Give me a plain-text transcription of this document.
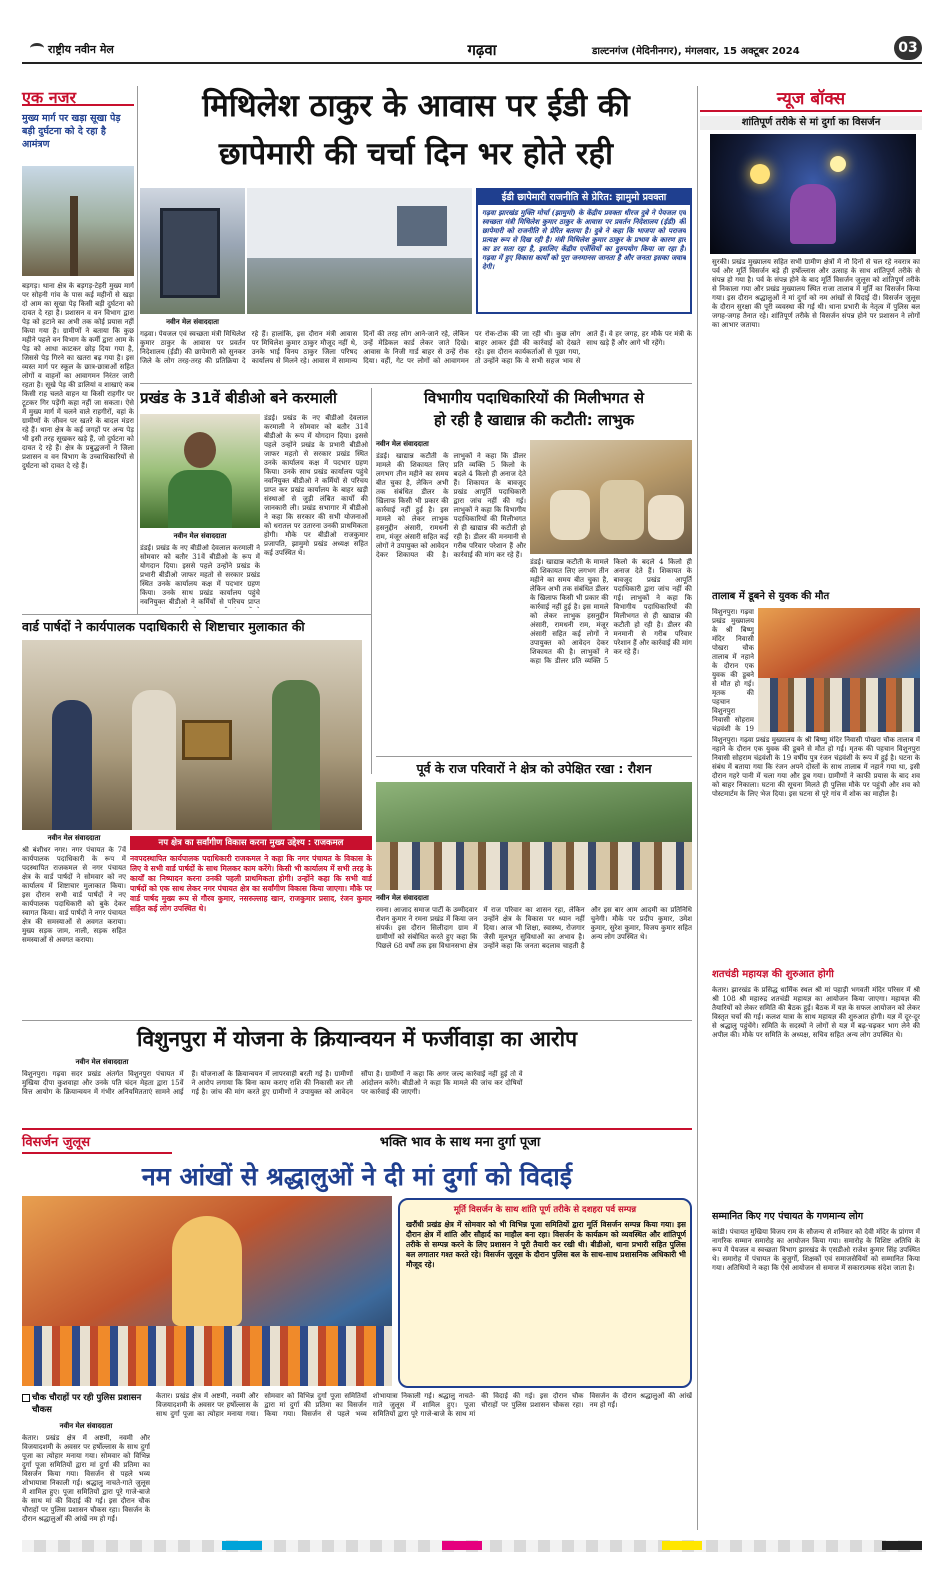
राष्ट्रीय नवीन मेल	गढ़वा	डाल्टनगंज (मेदिनीनगर), मंगलवार, 15 अक्टूबर 2024	03
एक नजर
मुख्य मार्ग पर खड़ा सूखा पेड़ बड़ी दुर्घटना को दे रहा है आमंत्रण
बड़गड़। थाना क्षेत्र के बड़गड़-टेहरी मुख्य मार्ग पर सोहनी गांव के पास कई महीनों से खड़ा दो आम का सूखा पेड़ किसी बड़ी दुर्घटना को दावत दे रहा है। प्रशासन व वन विभाग द्वारा पेड़ को हटाने का अभी तक कोई प्रयास नहीं किया गया है। ग्रामीणों ने बताया कि कुछ महीने पहले वन विभाग के कर्मी द्वारा आम के पेड़ को आधा काटकर छोड़ दिया गया है, जिससे पेड़ गिरने का खतरा बढ़ गया है। इस व्यस्त मार्ग पर स्कूल के छात्र-छात्राओं सहित लोगों व वाहनों का आवागमन निरंतर जारी रहता है। सूखे पेड़ की डालियां व शाखाएं कब किसी राह चलते वाहन या किसी राहगीर पर टूटकर गिर पड़ेंगी कहा नहीं जा सकता। ऐसे में मुख्य मार्ग में चलने वाले राहगीरों, वहां के ग्रामीणों के जीवन पर खतरे के बादल मंडरा रहे हैं। थाना क्षेत्र के कई जगहों पर अन्य पेड़ भी इसी तरह सूखकर खड़े हैं, जो दुर्घटना को दावत दे रहे हैं। क्षेत्र के प्रबुद्धजनों ने जिला प्रशासन व वन विभाग के उच्चाधिकारियों से दुर्घटना को दावत दे रहे हैं।
मिथिलेश ठाकुर के आवास पर ईडी की
छापेमारी की चर्चा दिन भर होते रही
ईडी छापेमारी राजनीति से प्रेरित: झामुमो प्रवक्ता
गढ़वा झारखंड मुक्ति मोर्चा (झामुमो) के केंद्रीय प्रवक्ता धीरज दुबे ने पेयजल एवं स्वच्छता मंत्री मिथिलेश कुमार ठाकुर के आवास पर प्रवर्तन निदेशालय (ईडी) की छापेमारी को राजनीति से प्रेरित बताया है। दुबे ने कहा कि भाजपा को पराजय प्रत्यक्ष रूप से दिख रही है। मंत्री मिथिलेश कुमार ठाकुर के प्रभाव के कारण हार का डर सता रहा है, इसलिए केंद्रीय एजेंसियों का दुरुपयोग किया जा रहा है। गढ़वा में हुए विकास कार्यों को पूरा जनमानस जानता है और जनता इसका जवाब देगी।
नवीन मेल संवाददाता
गढ़वा। पेयजल एवं स्वच्छता मंत्री मिथिलेश कुमार ठाकुर के आवास पर प्रवर्तन निदेशालय (ईडी) की छापेमारी को सुनकर जिले के लोग तरह-तरह की प्रतिक्रिया दे रहे हैं। हालांकि, इस दौरान मंत्री आवास पर मिथिलेश कुमार ठाकुर मौजूद नहीं थे, उनके भाई विनय ठाकुर जिला परिषद कार्यालय से मिलने रहे। आवास में सामान्य दिनों की तरह लोग आने-जाने रहे, लेकिन उन्हें मेडिकल कार्ड लेकर जाते दिखे। आवास के निजी गार्ड बाहर से उन्हें रोक दिया। वहीं, गेट पर लोगों को आवागमन पर रोक-टोक की जा रही थी। कुछ लोग बाहर आकर ईडी की कार्रवाई को देखते रहे। इस दौरान कार्यकर्ताओं से पूछा गया, तो उन्होंने कहा कि वे सभी सहज भाव से आते हैं। वे हर जगह, हर मौके पर मंत्री के साथ खड़े हैं और आगे भी रहेंगे।
प्रखंड के 31वें बीडीओ बने करमाली
नवीन मेल संवाददाता
डंडई। प्रखंड के नए बीडीओ देवलाल करमाली ने सोमवार को बतौर 31वें बीडीओ के रूप में योगदान दिया। इससे पहले उन्होंने प्रखंड के प्रभारी बीडीओ जाफर महतो से सरकार प्रखंड स्थित उनके कार्यालय कक्ष में पदभार ग्रहण किया। उनके साथ प्रखंड कार्यालय पहुंचे नवनियुक्त बीडीओ ने कर्मियों से परिचय प्राप्त
डंडई। प्रखंड के नए बीडीओ देवलाल करमाली ने सोमवार को बतौर 31वें बीडीओ के रूप में योगदान दिया। इससे पहले उन्होंने प्रखंड के प्रभारी बीडीओ जाफर महतो से सरकार प्रखंड स्थित उनके कार्यालय कक्ष में पदभार ग्रहण किया। उनके साथ प्रखंड कार्यालय पहुंचे नवनियुक्त बीडीओ ने कर्मियों से परिचय प्राप्त कर प्रखंड कार्यालय के बाहर खड़ी संस्थाओं से जुड़ी लंबित कार्यों की जानकारी ली। प्रखंड सभागार में बीडीओ ने कहा कि सरकार की सभी योजनाओं को धरातल पर उतारना उनकी प्राथमिकता होगी। मौके पर बीडीओ राजकुमार प्रजापति, झामुमो प्रखंड अध्यक्ष सहित कई उपस्थित थे।
विभागीय पदाधिकारियों की मिलीभगत से
हो रही है खाद्यान्न की कटौती: लाभुक
नवीन मेल संवाददाता
डंडई। खाद्यान्न कटौती के मामले की शिकायत लिए लगभग तीन महीने का समय बीत चुका है, लेकिन अभी तक संबंधित डीलर के खिलाफ किसी भी प्रकार की कार्रवाई नहीं हुई है। इस मामले को लेकर लाभुक हसनुद्दीन अंसारी, रामधनी राम, मंजूर अंसारी सहित कई लोगों ने उपायुक्त को आवेदन देकर शिकायत की है। लाभुकों ने कहा कि डीलर प्रति व्यक्ति 5 किलो के बदले 4 किलो ही अनाज देते हैं। शिकायत के बावजूद प्रखंड आपूर्ति पदाधिकारी द्वारा जांच नहीं की गई। लाभुकों ने कहा कि विभागीय पदाधिकारियों की मिलीभगत से ही खाद्यान्न की कटौती हो रही है। डीलर की मनमानी से गरीब परिवार परेशान हैं और कार्रवाई की मांग कर रहे हैं।
डंडई। खाद्यान्न कटौती के मामले की शिकायत लिए लगभग तीन महीने का समय बीत चुका है, लेकिन अभी तक संबंधित डीलर के खिलाफ किसी भी प्रकार की कार्रवाई नहीं हुई है। इस मामले को लेकर लाभुक हसनुद्दीन अंसारी, रामधनी राम, मंजूर अंसारी सहित कई लोगों ने उपायुक्त को आवेदन देकर शिकायत की है। लाभुकों ने कहा कि डीलर प्रति व्यक्ति 5 किलो के बदले 4 किलो ही अनाज देते हैं। शिकायत के बावजूद प्रखंड आपूर्ति पदाधिकारी द्वारा जांच नहीं की गई। लाभुकों ने कहा कि विभागीय पदाधिकारियों की मिलीभगत से ही खाद्यान्न की कटौती हो रही है। डीलर की मनमानी से गरीब परिवार परेशान हैं और कार्रवाई की मांग कर रहे हैं।
वार्ड पार्षदों ने कार्यपालक पदाधिकारी से शिष्टाचार मुलाकात की
नवीन मेल संवाददाता
श्री बंशीधर नगर। नगर पंचायत के 7वें कार्यपालक पदाधिकारी के रूप में पदस्थापित राजकमल से नगर पंचायत क्षेत्र के वार्ड पार्षदों ने सोमवार को नए कार्यालय में शिष्टाचार मुलाकात किया। इस दौरान सभी वार्ड पार्षदों ने नए कार्यपालक पदाधिकारी को बुके देकर स्वागत किया। वार्ड पार्षदों ने नगर पंचायत क्षेत्र की समस्याओं से अवगत कराया। मुख्य सड़क जाम, नाली, सड़क सहित समस्याओं से अवगत कराया।
नप क्षेत्र का सर्वांगीण विकास करना मुख्य उद्देश्य : राजकमल
नवपदस्थापित कार्यपालक पदाधिकारी राजकमल ने कहा कि नगर पंचायत के विकास के लिए वे सभी वार्ड पार्षदों के साथ मिलकर काम करेंगे। किसी भी कार्यालय में सभी तरह के कार्यों का निष्पादन करना उनकी पहली प्राथमिकता होगी। उन्होंने कहा कि सभी वार्ड पार्षदों को एक साथ लेकर नगर पंचायत क्षेत्र का सर्वांगीण विकास किया जाएगा। मौके पर वार्ड पार्षद मुख्य रूप से गौरव कुमार, नसरुल्लाह खान, राजकुमार प्रसाद, रंजन कुमार सहित कई लोग उपस्थित थे।
पूर्व के राज परिवारों ने क्षेत्र को उपेक्षित रखा : रौशन
नवीन मेल संवाददाता
रमना। आजाद समाज पार्टी के उम्मीदवार रौशन कुमार ने रमना प्रखंड में किया जन संपर्क। इस दौरान सिलीदाग ग्राम में ग्रामीणों को संबोधित करते हुए कहा कि पिछले 68 वर्षों तक इस विधानसभा क्षेत्र में राज परिवार का शासन रहा, लेकिन उन्होंने क्षेत्र के विकास पर ध्यान नहीं दिया। आज भी शिक्षा, स्वास्थ्य, रोजगार जैसी मूलभूत सुविधाओं का अभाव है। उन्होंने कहा कि जनता बदलाव चाहती है और इस बार आम आदमी का प्रतिनिधि चुनेगी। मौके पर प्रदीप कुमार, उमेश कुमार, सुरेश कुमार, विजय कुमार सहित अन्य लोग उपस्थित थे।
विशुनपुरा में योजना के क्रियान्वयन में फर्जीवाड़ा का आरोप
नवीन मेल संवाददाता
विशुनपुरा। गढ़वा सदर प्रखंड अंतर्गत विशुनपुरा पंचायत में मुखिया दीपा कुशवाहा और उनके पति चंदन मेहता द्वारा 15वें वित्त आयोग के क्रियान्वयन में गंभीर अनियमितताएं सामने आई हैं। योजनाओं के क्रियान्वयन में लापरवाही बरती गई है। ग्रामीणों ने आरोप लगाया कि बिना काम कराए राशि की निकासी कर ली गई है। जांच की मांग करते हुए ग्रामीणों ने उपायुक्त को आवेदन सौंपा है। ग्रामीणों ने कहा कि अगर जल्द कार्रवाई नहीं हुई तो वे आंदोलन करेंगे। बीडीओ ने कहा कि मामले की जांच कर दोषियों पर कार्रवाई की जाएगी।
विसर्जन जुलूस	भक्ति भाव के साथ मना दुर्गा पूजा
नम आंखों से श्रद्धालुओं ने दी मां दुर्गा को विदाई
मूर्ति विसर्जन के साथ शांति पूर्ण तरीके से दशहरा पर्व सम्पन्न
खरौंधी प्रखंड क्षेत्र में सोमवार को भी विभिन्न पूजा समितियों द्वारा मूर्ति विसर्जन सम्पन्न किया गया। इस दौरान क्षेत्र में शांति और सौहार्द का माहौल बना रहा। विसर्जन के कार्यक्रम को व्यवस्थित और शांतिपूर्ण तरीके से सम्पन्न करने के लिए प्रशासन ने पूरी तैयारी कर रखी थी। बीडीओ, थाना प्रभारी सहित पुलिस बल लगातार गश्त करते रहे। विसर्जन जुलूस के दौरान पुलिस बल के साथ-साथ प्रशासनिक अधिकारी भी मौजूद रहे।
चौक चौराहों पर रही पुलिस प्रशासन चौकस
नवीन मेल संवाददाता
केतार। प्रखंड क्षेत्र में अष्टमी, नवमी और विजयादशमी के अवसर पर हर्षोल्लास के साथ दुर्गा पूजा का त्योहार मनाया गया। सोमवार को विभिन्न दुर्गा पूजा समितियों द्वारा मां दुर्गा की प्रतिमा का विसर्जन किया गया। विसर्जन से पहले भव्य शोभायात्रा निकाली गई। श्रद्धालु नाचते-गाते जुलूस में शामिल हुए। पूजा समितियों द्वारा पूरे गाजे-बाजे के साथ मां की विदाई की गई। इस दौरान चौक चौराहों पर पुलिस प्रशासन चौकस रहा। विसर्जन के दौरान श्रद्धालुओं की आंखें नम हो गईं।
केतार। प्रखंड क्षेत्र में अष्टमी, नवमी और विजयादशमी के अवसर पर हर्षोल्लास के साथ दुर्गा पूजा का त्योहार मनाया गया। सोमवार को विभिन्न दुर्गा पूजा समितियों द्वारा मां दुर्गा की प्रतिमा का विसर्जन किया गया। विसर्जन से पहले भव्य शोभायात्रा निकाली गई। श्रद्धालु नाचते-गाते जुलूस में शामिल हुए। पूजा समितियों द्वारा पूरे गाजे-बाजे के साथ मां की विदाई की गई। इस दौरान चौक चौराहों पर पुलिस प्रशासन चौकस रहा। विसर्जन के दौरान श्रद्धालुओं की आंखें नम हो गईं।
न्यूज बॉक्स
शांतिपूर्ण तरीके से मां दुर्गा का विसर्जन
सुरकी। प्रखंड मुख्यालय सहित सभी ग्रामीण क्षेत्रों में नौ दिनों से चल रहे नवरात्र का पर्व और मूर्ति विसर्जन बड़े ही हर्षोल्लास और उत्साह के साथ शांतिपूर्ण तरीके से संपन्न हो गया है। पर्व के संपन्न होने के बाद मूर्ति विसर्जन जुलूस को शांतिपूर्ण तरीके से निकाला गया और प्रखंड मुख्यालय स्थित राजा तालाब में मूर्ति का विसर्जन किया गया। इस दौरान श्रद्धालुओं ने मां दुर्गा को नम आंखों से विदाई दी। विसर्जन जुलूस के दौरान सुरक्षा की पूरी व्यवस्था की गई थी। थाना प्रभारी के नेतृत्व में पुलिस बल जगह-जगह तैनात रहे। शांतिपूर्ण तरीके से विसर्जन संपन्न होने पर प्रशासन ने लोगों का आभार जताया।
तालाब में डूबने से युवक की मौत
विशुनपुरा। गढ़वा प्रखंड मुख्यालय के श्री बिष्णु मंदिर निवासी पोखरा चौक तालाब में नहाने के दौरान एक युवक की डूबने से मौत हो गई। मृतक की पहचान विशुनपुरा निवासी सोहराम चंद्रवंशी के 19
विशुनपुरा। गढ़वा प्रखंड मुख्यालय के श्री बिष्णु मंदिर निवासी पोखरा चौक तालाब में नहाने के दौरान एक युवक की डूबने से मौत हो गई। मृतक की पहचान विशुनपुरा निवासी सोहराम चंद्रवंशी के 19 वर्षीय पुत्र रंजन चंद्रवंशी के रूप में हुई है। घटना के संबंध में बताया गया कि रंजन अपने दोस्तों के साथ तालाब में नहाने गया था, इसी दौरान गहरे पानी में चला गया और डूब गया। ग्रामीणों ने काफी प्रयास के बाद शव को बाहर निकाला। घटना की सूचना मिलते ही पुलिस मौके पर पहुंची और शव को पोस्टमार्टम के लिए भेज दिया। इस घटना से पूरे गांव में शोक का माहौल है।
शतचंडी महायज्ञ की शुरुआत होगी
केतार। झारखंड के प्रसिद्ध धार्मिक स्थल श्री मां पहाड़ी भगवती मंदिर परिसर में श्री श्री 108 श्री महारुद्र शतचंडी महायज्ञ का आयोजन किया जाएगा। महायज्ञ की तैयारियों को लेकर समिति की बैठक हुई। बैठक में यज्ञ के सफल आयोजन को लेकर विस्तृत चर्चा की गई। कलश यात्रा के साथ महायज्ञ की शुरुआत होगी। यज्ञ में दूर-दूर से श्रद्धालु पहुंचेंगे। समिति के सदस्यों ने लोगों से यज्ञ में बढ़-चढ़कर भाग लेने की अपील की। मौके पर समिति के अध्यक्ष, सचिव सहित अन्य लोग उपस्थित थे।
सम्मानित किए गए पंचायत के गणमान्य लोग
कांडी। पंचायत मुखिया विजय राम के सौजन्य से शनिवार को देवी मंदिर के प्रांगण में नागरिक सम्मान समारोह का आयोजन किया गया। समारोह के विशिष्ट अतिथि के रूप में पेयजल व स्वच्छता विभाग झारखंड के एसडीओ राजेश कुमार सिंह उपस्थित थे। समारोह में पंचायत के बुजुर्गों, शिक्षकों एवं समाजसेवियों को सम्मानित किया गया। अतिथियों ने कहा कि ऐसे आयोजन से समाज में सकारात्मक संदेश जाता है।
